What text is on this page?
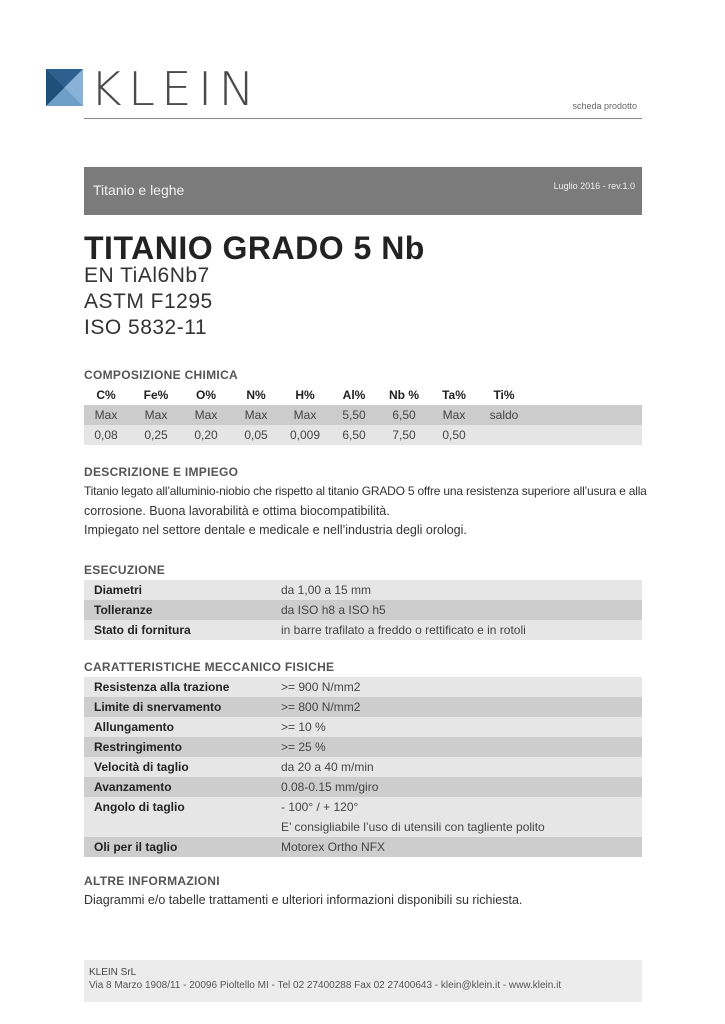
KLEIN	scheda prodotto
Titanio e leghe	Luglio 2016 - rev.1.0
TITANIO GRADO 5 Nb
EN TiAl6Nb7
ASTM F1295
ISO 5832-11
COMPOSIZIONE CHIMICA
C%	Fe%	O%	N%	H%	Al%	Nb %	Ta%	Ti%
Max	Max	Max	Max	Max	5,50	6,50	Max	saldo
0,08	0,25	0,20	0,05	0,009	6,50	7,50	0,50
DESCRIZIONE E IMPIEGO
Titanio legato all’alluminio-niobio che rispetto al titanio GRADO 5 offre una resistenza superiore all’usura e alla
corrosione. Buona lavorabilità e ottima biocompatibilità.
Impiegato nel settore dentale e medicale e nell’industria degli orologi.
ESECUZIONE
Diametri	da 1,00 a 15 mm
Tolleranze	da ISO h8 a ISO h5
Stato di fornitura	in barre trafilato a freddo o rettificato e in rotoli
CARATTERISTICHE MECCANICO FISICHE
Resistenza alla trazione	>= 900 N/mm2
Limite di snervamento	>= 800 N/mm2
Allungamento	>= 10 %
Restringimento	>= 25 %
Velocità di taglio	da 20 a 40 m/min
Avanzamento	0.08-0.15 mm/giro
Angolo di taglio	- 100° / + 120°
E’ consigliabile l’uso di utensili con tagliente polito
Oli per il taglio	Motorex Ortho NFX
ALTRE INFORMAZIONI
Diagrammi e/o tabelle trattamenti e ulteriori informazioni disponibili su richiesta.
KLEIN SrL
Via 8 Marzo 1908/11 - 20096 Pioltello MI - Tel 02 27400288 Fax 02 27400643 - klein@klein.it - www.klein.it
